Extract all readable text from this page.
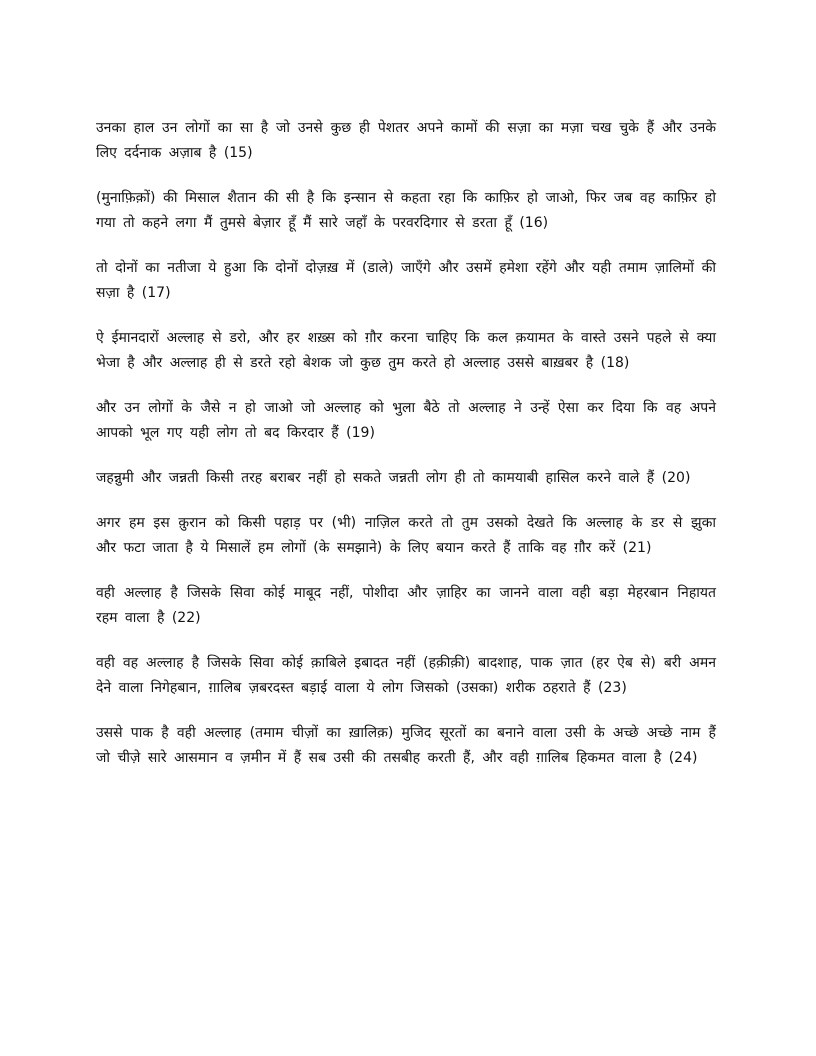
उनका हाल उन लोगों का सा है जो उनसे कुछ ही पेशतर अपने कामों की सज़ा का मज़ा चख चुके हैं और उनके लिए दर्दनाक अज़ाब है (15)

(मुनाफ़िक़ों) की मिसाल शैतान की सी है कि इन्सान से कहता रहा कि काफ़िर हो जाओ, फिर जब वह काफ़िर हो गया तो कहने लगा मैं तुमसे बेज़ार हूँ मैं सारे जहाँ के परवरदिगार से डरता हूँ (16)

तो दोनों का नतीजा ये हुआ कि दोनों दोज़ख़ में (डाले) जाएँगे और उसमें हमेशा रहेंगे और यही तमाम ज़ालिमों की सज़ा है (17)

ऐ ईमानदारों अल्लाह से डरो, और हर शख़्स को ग़ौर करना चाहिए कि कल क़यामत के वास्ते उसने पहले से क्या भेजा है और अल्लाह ही से डरते रहो बेशक जो कुछ तुम करते हो अल्लाह उससे बाख़बर है (18)

और उन लोगों के जैसे न हो जाओ जो अल्लाह को भुला बैठे तो अल्लाह ने उन्हें ऐसा कर दिया कि वह अपने आपको भूल गए यही लोग तो बद किरदार हैं (19)

जहन्नुमी और जन्नती किसी तरह बराबर नहीं हो सकते जन्नती लोग ही तो कामयाबी हासिल करने वाले हैं (20)

अगर हम इस क़ुरान को किसी पहाड़ पर (भी) नाज़िल करते तो तुम उसको देखते कि अल्लाह के डर से झुका और फटा जाता है ये मिसालें हम लोगों (के समझाने) के लिए बयान करते हैं ताकि वह ग़ौर करें (21)

वही अल्लाह है जिसके सिवा कोई माबूद नहीं, पोशीदा और ज़ाहिर का जानने वाला वही बड़ा मेहरबान निहायत रहम वाला है (22)

वही वह अल्लाह है जिसके सिवा कोई क़ाबिले इबादत नहीं (हक़ीक़ी) बादशाह, पाक ज़ात (हर ऐब से) बरी अमन देने वाला निगेहबान, ग़ालिब ज़बरदस्त बड़ाई वाला ये लोग जिसको (उसका) शरीक ठहराते हैं (23)

उससे पाक है वही अल्लाह (तमाम चीज़ों का ख़ालिक़) मुजिद सूरतों का बनाने वाला उसी के अच्छे अच्छे नाम हैं जो चीज़े सारे आसमान व ज़मीन में हैं सब उसी की तसबीह करती हैं, और वही ग़ालिब हिकमत वाला है (24)
